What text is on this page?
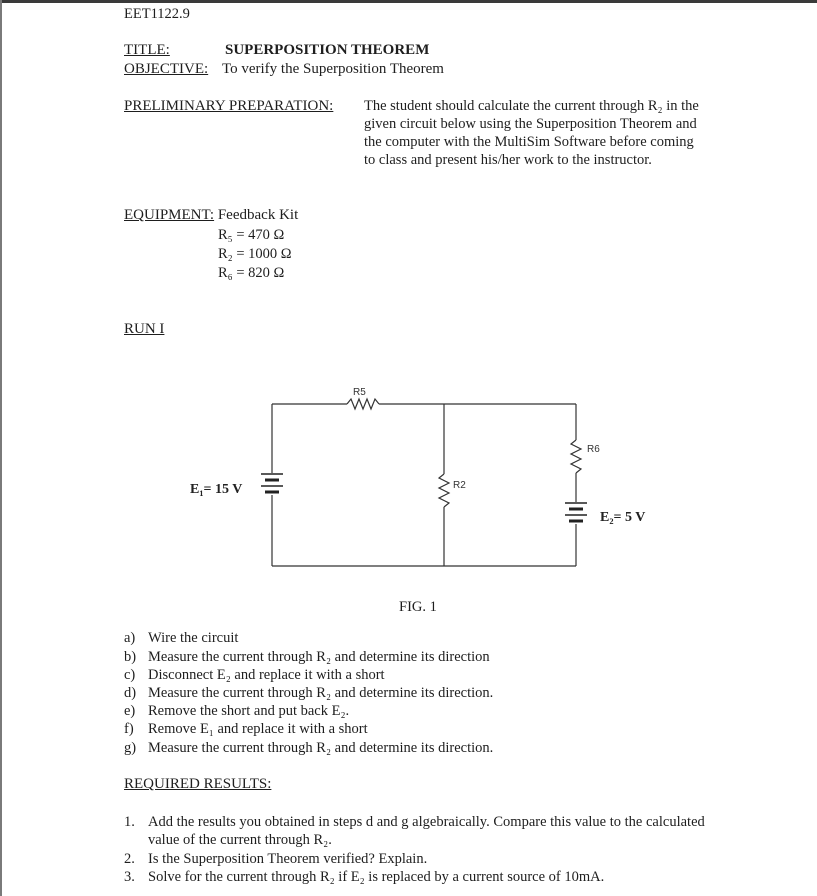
EET1122.9
TITLE:	SUPERPOSITION THEOREM
OBJECTIVE: To verify the Superposition Theorem
PRELIMINARY PREPARATION: The student should calculate the current through R₂ in the given circuit below using the Superposition Theorem and the computer with the MultiSim Software before coming to class and present his/her work to the instructor.
EQUIPMENT: Feedback Kit
R₅ = 470 Ω
R₂ = 1000 Ω
R₆ = 820 Ω
RUN I
R5
R2
R6
E₁= 15 V
E₂= 5 V
FIG. 1
a) Wire the circuit
b) Measure the current through R₂ and determine its direction
c) Disconnect E₂ and replace it with a short
d) Measure the current through R₂ and determine its direction.
e) Remove the short and put back E₂.
f) Remove E₁ and replace it with a short
g) Measure the current through R₂ and determine its direction.
REQUIRED RESULTS:
1. Add the results you obtained in steps d and g algebraically. Compare this value to the calculated value of the current through R₂.
2. Is the Superposition Theorem verified? Explain.
3. Solve for the current through R₂ if E₂ is replaced by a current source of 10mA.
